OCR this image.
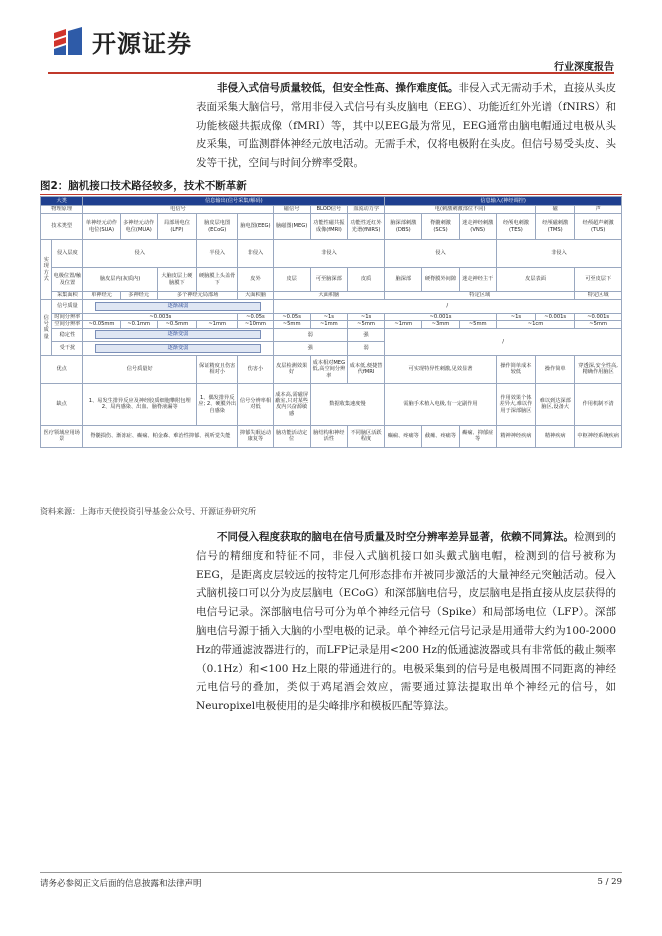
开源证券
行业深度报告
非侵入式信号质量较低，但安全性高、操作难度低。非侵入式无需动手术，直接从头皮表面采集大脑信号，常用非侵入式信号有头皮脑电（EEG）、功能近红外光谱（fNIRS）和功能核磁共振成像（fMRI）等，其中以EEG最为常见，EEG通常由脑电帽通过电极从头皮采集，可监测群体神经元放电活动。无需手术，仅将电极附在头皮。但信号易受头皮、头发等干扰，空间与时间分辨率受限。
图2：脑机接口技术路径较多，技术不断革新
大类		信息输出(信号采集/解码)								信息输入(神经调控)					
物理原理		电信号					磁信号	BLOD信号	血流动力学	电(刺激刺激部位不同)				磁	声
技术类型		单神经元动作电位(SUA)	多神经元动作电位(MUA)	局部场电位(LFP)	脑皮层电图(ECoG)	脑电图(EEG)	脑磁图(MEG)	功能性磁共振成像(fMRI)	功能性近红外光谱(fNIRS)	脑深部刺激(DBS)	脊髓刺激(SCS)	迷走神经刺激(VNS)	经颅电刺激(TES)	经颅磁刺激(TMS)	经颅超声刺激(TUS)
实现方式	侵入层度	侵入			半侵入	非侵入	非侵入			侵入			非侵入		
	电极位置/触及位置	脑皮层内(灰质内)		大脑皮层上硬脑膜下	硬脑膜上头盖骨下	皮外	皮层	可至脑深部	皮质	脑深部	硬脊膜外间隙	迷走神经主干	皮层表面		可至皮层下
	采集面积	单神经元	多神经元	多个神经元局部场		大面积脑	大面积脑			特定区域					特定区域
信号质量	信号质量	逐渐减弱					/								
	时间分辨率	~0.003s				~0.05s	~0.05s	~1s	~1s	~0.001s			~1s	~0.001s	~0.001s
	空间分辨率	~0.05mm	~0.1mm	~0.5mm	~1mm	~10mm	~5mm	~1mm	~5mm	~1mm	~3mm	~5mm	~1cm		~5mm
	稳定性	逐渐变弱					弱		强	/					
	受干扰	逐渐变弱					强		弱						
优点		信号质量好			保证精度且伤害相对小	伤害小	皮层检测效果好	成本相对MEG低,高空间分辨率	成本低,便捷替代fMRI	可实现特异性刺激,见效显著			操作简单成本较低	操作简单	穿透深,安全性高,精确作用脑区
缺点		1、易发生排异反应及神经胶质细胞攀附包埋 2、局内感染、出血、脑脊液漏等			1、偶发排异反应; 2、硬膜外出自感染	信号分辨率相对低	成本高,需磁屏蔽室,只对某些皮内兴奋源敏感	数据收集速度慢		需脑手术植入电极,有一定副作用			作用效果个体差异大,难以作用于深部脑区	难以到达深部脑区,设备大	作用机制不清
医疗领域应用场景		脊髓损伤、渐冻症、癫痫、帕金森、难治性抑郁、视听觉失能				抑郁失眠运动康复等	脑功能活动定位	脑结构和神经活性	不同脑区活跃程度	癫痫、疼痛等	截瘫、疼痛等	癫痫、抑郁症等	精神神经疾病	精神疾病	中枢神经系统疾病
资料来源：上海市天使投资引导基金公众号、开源证券研究所
不同侵入程度获取的脑电在信号质量及时空分辨率差异显著，依赖不同算法。检测到的信号的精细度和特征不同，非侵入式脑机接口如头戴式脑电帽，检测到的信号被称为EEG，是距离皮层较远的按特定几何形态排布并被同步激活的大量神经元突触活动。侵入式脑机接口可以分为皮层脑电（ECoG）和深部脑电信号，皮层脑电是指直接从皮层获得的电信号记录。深部脑电信号可分为单个神经元信号（Spike）和局部场电位（LFP）。深部脑电信号源于插入大脑的小型电极的记录。单个神经元信号记录是用通带大约为100-2000 Hz的带通滤波器进行的，而LFP记录是用<200 Hz的低通滤波器或具有非常低的截止频率（0.1Hz）和<100 Hz上限的带通进行的。电极采集到的信号是电极周围不同距离的神经元电信号的叠加，类似于鸡尾酒会效应，需要通过算法提取出单个神经元的信号，如Neuropixel电极使用的是尖峰排序和模板匹配等算法。
请务必参阅正文后面的信息披露和法律声明	5 / 29
